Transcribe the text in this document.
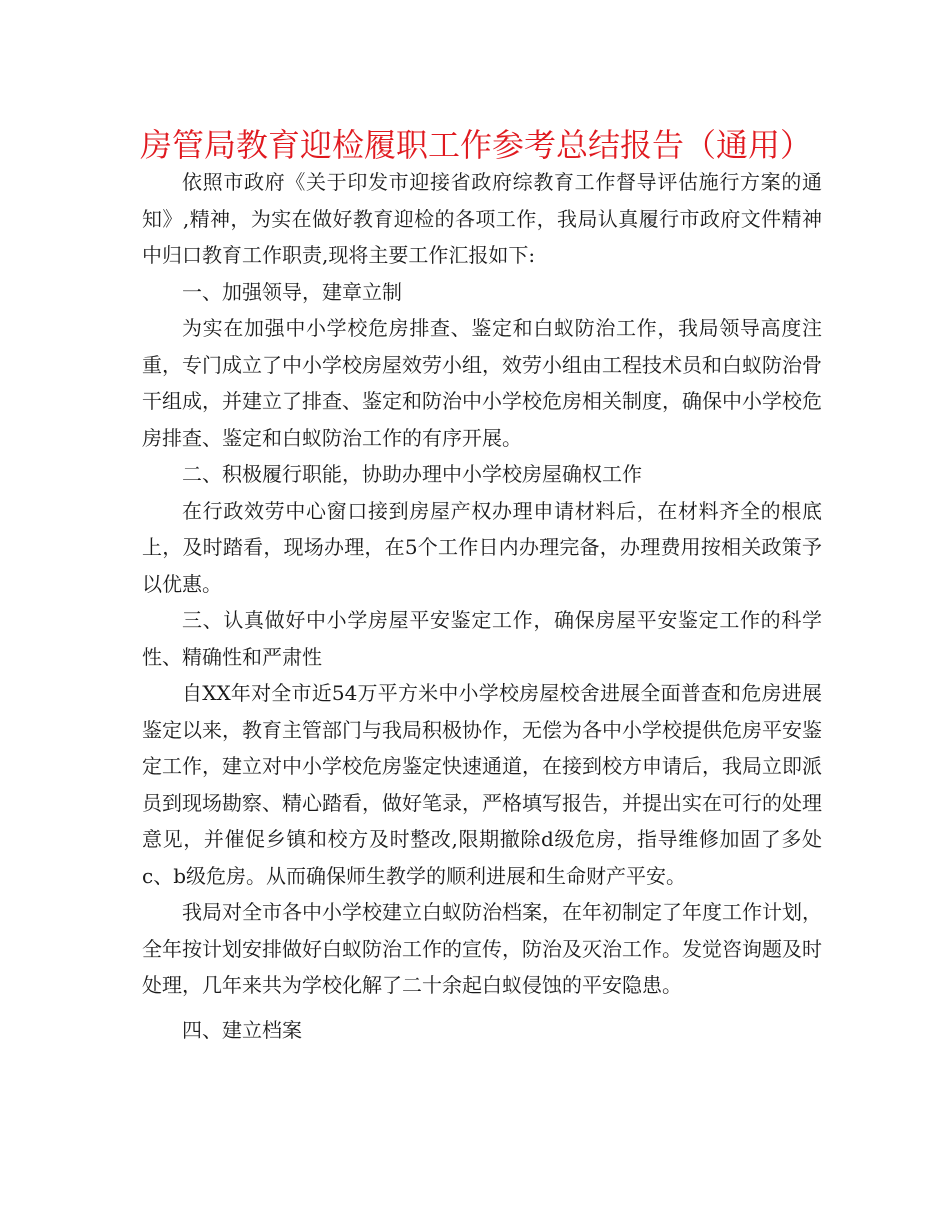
房管局教育迎检履职工作参考总结报告（通用）

依照市政府《关于印发市迎接省政府综教育工作督导评估施行方案的通知》,精神，为实在做好教育迎检的各项工作，我局认真履行市政府文件精神中归口教育工作职责,现将主要工作汇报如下:

一、加强领导，建章立制

为实在加强中小学校危房排查、鉴定和白蚁防治工作，我局领导高度注重，专门成立了中小学校房屋效劳小组，效劳小组由工程技术员和白蚁防治骨干组成，并建立了排查、鉴定和防治中小学校危房相关制度，确保中小学校危房排查、鉴定和白蚁防治工作的有序开展。

二、积极履行职能，协助办理中小学校房屋确权工作

在行政效劳中心窗口接到房屋产权办理申请材料后，在材料齐全的根底上，及时踏看，现场办理，在5个工作日内办理完备，办理费用按相关政策予以优惠。

三、认真做好中小学房屋平安鉴定工作，确保房屋平安鉴定工作的科学性、精确性和严肃性

自XX年对全市近54万平方米中小学校房屋校舍进展全面普查和危房进展鉴定以来，教育主管部门与我局积极协作，无偿为各中小学校提供危房平安鉴定工作，建立对中小学校危房鉴定快速通道，在接到校方申请后，我局立即派员到现场勘察、精心踏看，做好笔录，严格填写报告，并提出实在可行的处理意见，并催促乡镇和校方及时整改,限期撤除d级危房，指导维修加固了多处c、b级危房。从而确保师生教学的顺利进展和生命财产平安。

我局对全市各中小学校建立白蚁防治档案，在年初制定了年度工作计划，全年按计划安排做好白蚁防治工作的宣传，防治及灭治工作。发觉咨询题及时处理，几年来共为学校化解了二十余起白蚁侵蚀的平安隐患。

四、建立档案
